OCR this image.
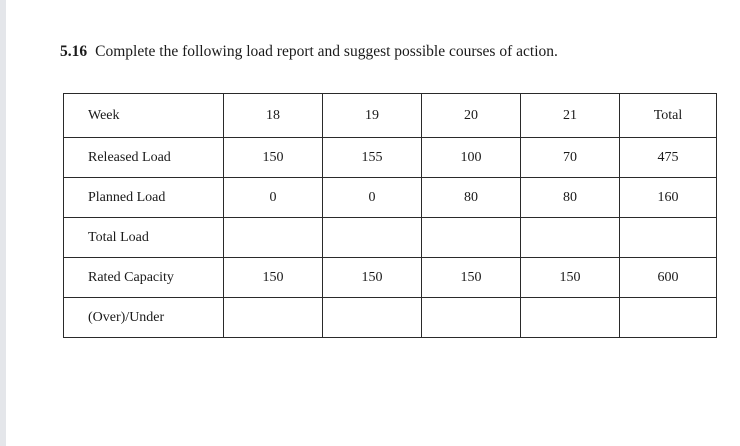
5.16 Complete the following load report and suggest possible courses of action.
Week	18	19	20	21	Total
Released Load	150	155	100	70	475
Planned Load	0	0	80	80	160
Total Load					
Rated Capacity	150	150	150	150	600
(Over)/Under					
